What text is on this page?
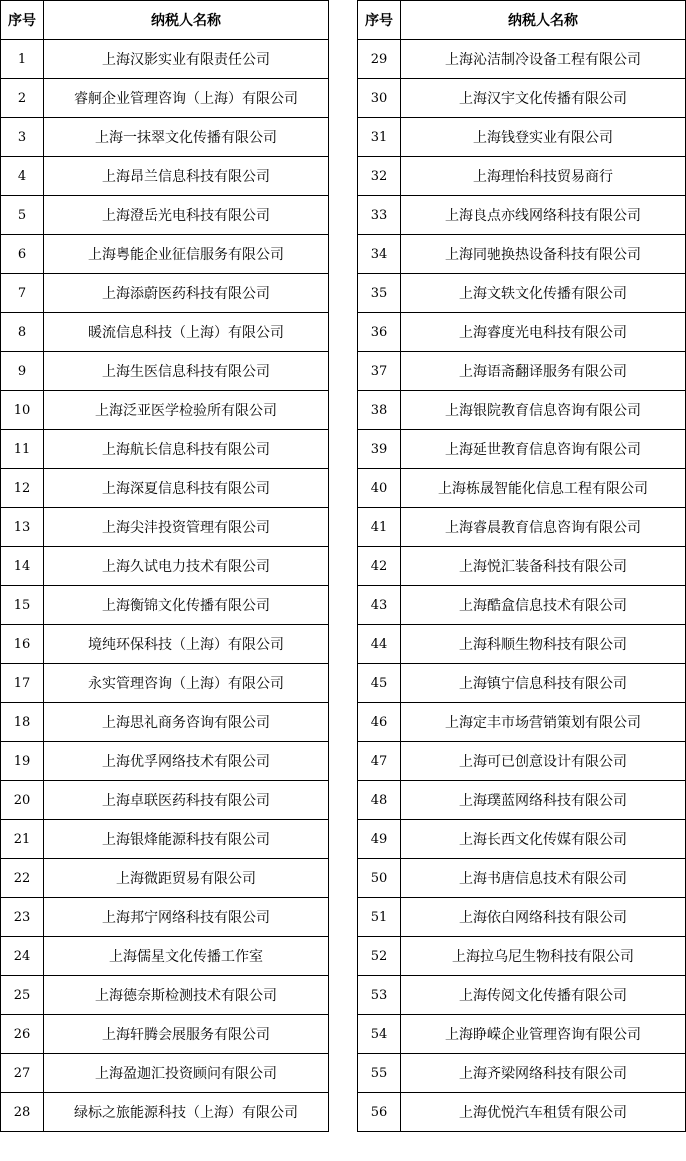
序号	纳税人名称
1	上海汉影实业有限责任公司
2	睿舸企业管理咨询（上海）有限公司
3	上海一抹翠文化传播有限公司
4	上海昂兰信息科技有限公司
5	上海澄岳光电科技有限公司
6	上海粤能企业征信服务有限公司
7	上海添蔚医药科技有限公司
8	暖流信息科技（上海）有限公司
9	上海生医信息科技有限公司
10	上海泛亚医学检验所有限公司
11	上海航长信息科技有限公司
12	上海深夏信息科技有限公司
13	上海尖沣投资管理有限公司
14	上海久试电力技术有限公司
15	上海衡锦文化传播有限公司
16	境纯环保科技（上海）有限公司
17	永实管理咨询（上海）有限公司
18	上海思礼商务咨询有限公司
19	上海优孚网络技术有限公司
20	上海卓联医药科技有限公司
21	上海银烽能源科技有限公司
22	上海微距贸易有限公司
23	上海邦宁网络科技有限公司
24	上海儒星文化传播工作室
25	上海德奈斯检测技术有限公司
26	上海轩腾会展服务有限公司
27	上海盈迦汇投资顾问有限公司
28	绿标之旅能源科技（上海）有限公司
序号	纳税人名称
29	上海沁洁制冷设备工程有限公司
30	上海汉宇文化传播有限公司
31	上海钱登实业有限公司
32	上海理怡科技贸易商行
33	上海良点亦线网络科技有限公司
34	上海同驰换热设备科技有限公司
35	上海文轶文化传播有限公司
36	上海睿度光电科技有限公司
37	上海语斋翻译服务有限公司
38	上海银院教育信息咨询有限公司
39	上海延世教育信息咨询有限公司
40	上海栋晟智能化信息工程有限公司
41	上海睿晨教育信息咨询有限公司
42	上海悦汇装备科技有限公司
43	上海酷盒信息技术有限公司
44	上海科顺生物科技有限公司
45	上海镇宁信息科技有限公司
46	上海定丰市场营销策划有限公司
47	上海可已创意设计有限公司
48	上海璞蓝网络科技有限公司
49	上海长西文化传媒有限公司
50	上海书唐信息技术有限公司
51	上海依白网络科技有限公司
52	上海拉乌尼生物科技有限公司
53	上海传阅文化传播有限公司
54	上海睁嵘企业管理咨询有限公司
55	上海齐梁网络科技有限公司
56	上海优悦汽车租赁有限公司
